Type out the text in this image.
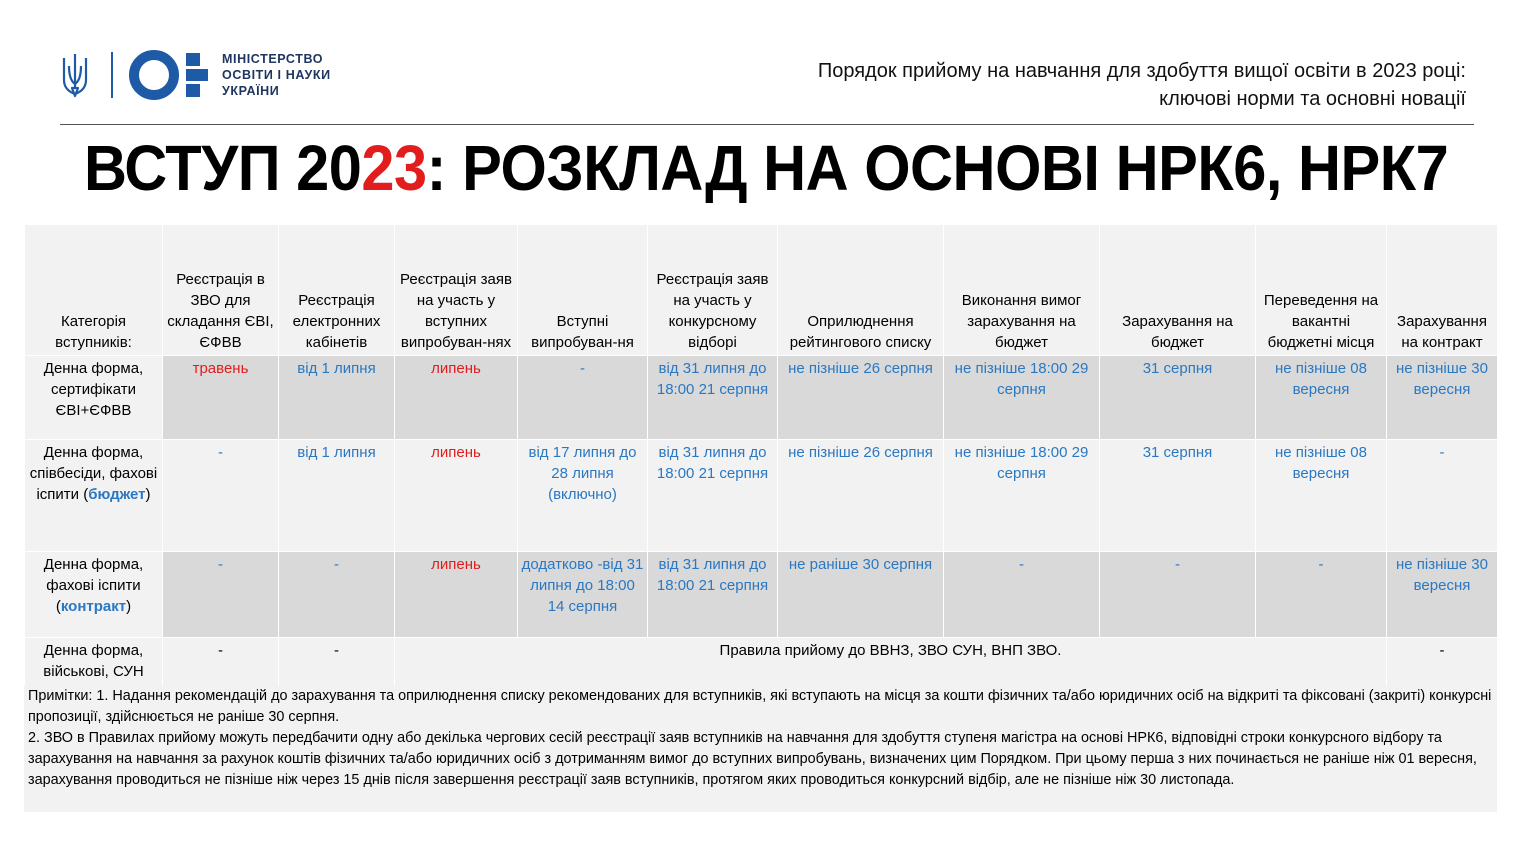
МІНІСТЕРСТВО
ОСВІТИ І НАУКИ
УКРАЇНИ
Порядок прийому на навчання для здобуття вищої освіти в 2023 році:
ключові норми та основні новації
ВСТУП 2023: РОЗКЛАД НА ОСНОВІ НРК6, НРК7
Категорія вступників:	Реєстрація в ЗВО для складання ЄВІ, ЄФВВ	Реєстрація електронних кабінетів	Реєстрація заяв на участь у вступних випробуван-нях	Вступні випробуван-ня	Реєстрація заяв на участь у конкурсному відборі	Оприлюднення рейтингового списку	Виконання вимог зарахування на бюджет	Зарахування на бюджет	Переведення на вакантні бюджетні місця	Зарахування на контракт
Денна форма, сертифікати ЄВІ+ЄФВВ	травень	від 1 липня	липень	-	від 31 липня до 18:00 21 серпня	не пізніше 26 серпня	не пізніше 18:00 29 серпня	31 серпня	не пізніше 08 вересня	не пізніше 30 вересня
Денна форма, співбесіди, фахові іспити (бюджет)	-	від 1 липня	липень	від 17 липня до 28 липня (включно)	від 31 липня до 18:00 21 серпня	не пізніше 26 серпня	не пізніше 18:00 29 серпня	31 серпня	не пізніше 08 вересня	-
Денна форма, фахові іспити (контракт)	-	-	липень	додатково -від 31 липня до 18:00 14 серпня	від 31 липня до 18:00 21 серпня	не раніше 30 серпня	-	-	-	не пізніше 30 вересня
Денна форма, військові, СУН	-	-	Правила прийому до ВВНЗ, ЗВО СУН, ВНП ЗВО.							-
Примітки: 1. Надання рекомендацій до зарахування та оприлюднення списку рекомендованих для вступників, які вступають на місця за кошти фізичних та/або юридичних осіб на відкриті та фіксовані (закриті) конкурсні пропозиції, здійснюється не раніше 30 серпня.
2. ЗВО в Правилах прийому можуть передбачити одну або декілька чергових сесій реєстрації заяв вступників на навчання для здобуття ступеня магістра на основі НРК6, відповідні строки конкурсного відбору та зарахування на навчання за рахунок коштів фізичних та/або юридичних осіб з дотриманням вимог до вступних випробувань, визначених цим Порядком. При цьому перша з них починається не раніше ніж 01 вересня, зарахування проводиться не пізніше ніж через 15 днів після завершення реєстрації заяв вступників, протягом яких проводиться конкурсний відбір, але не пізніше ніж 30 листопада.
